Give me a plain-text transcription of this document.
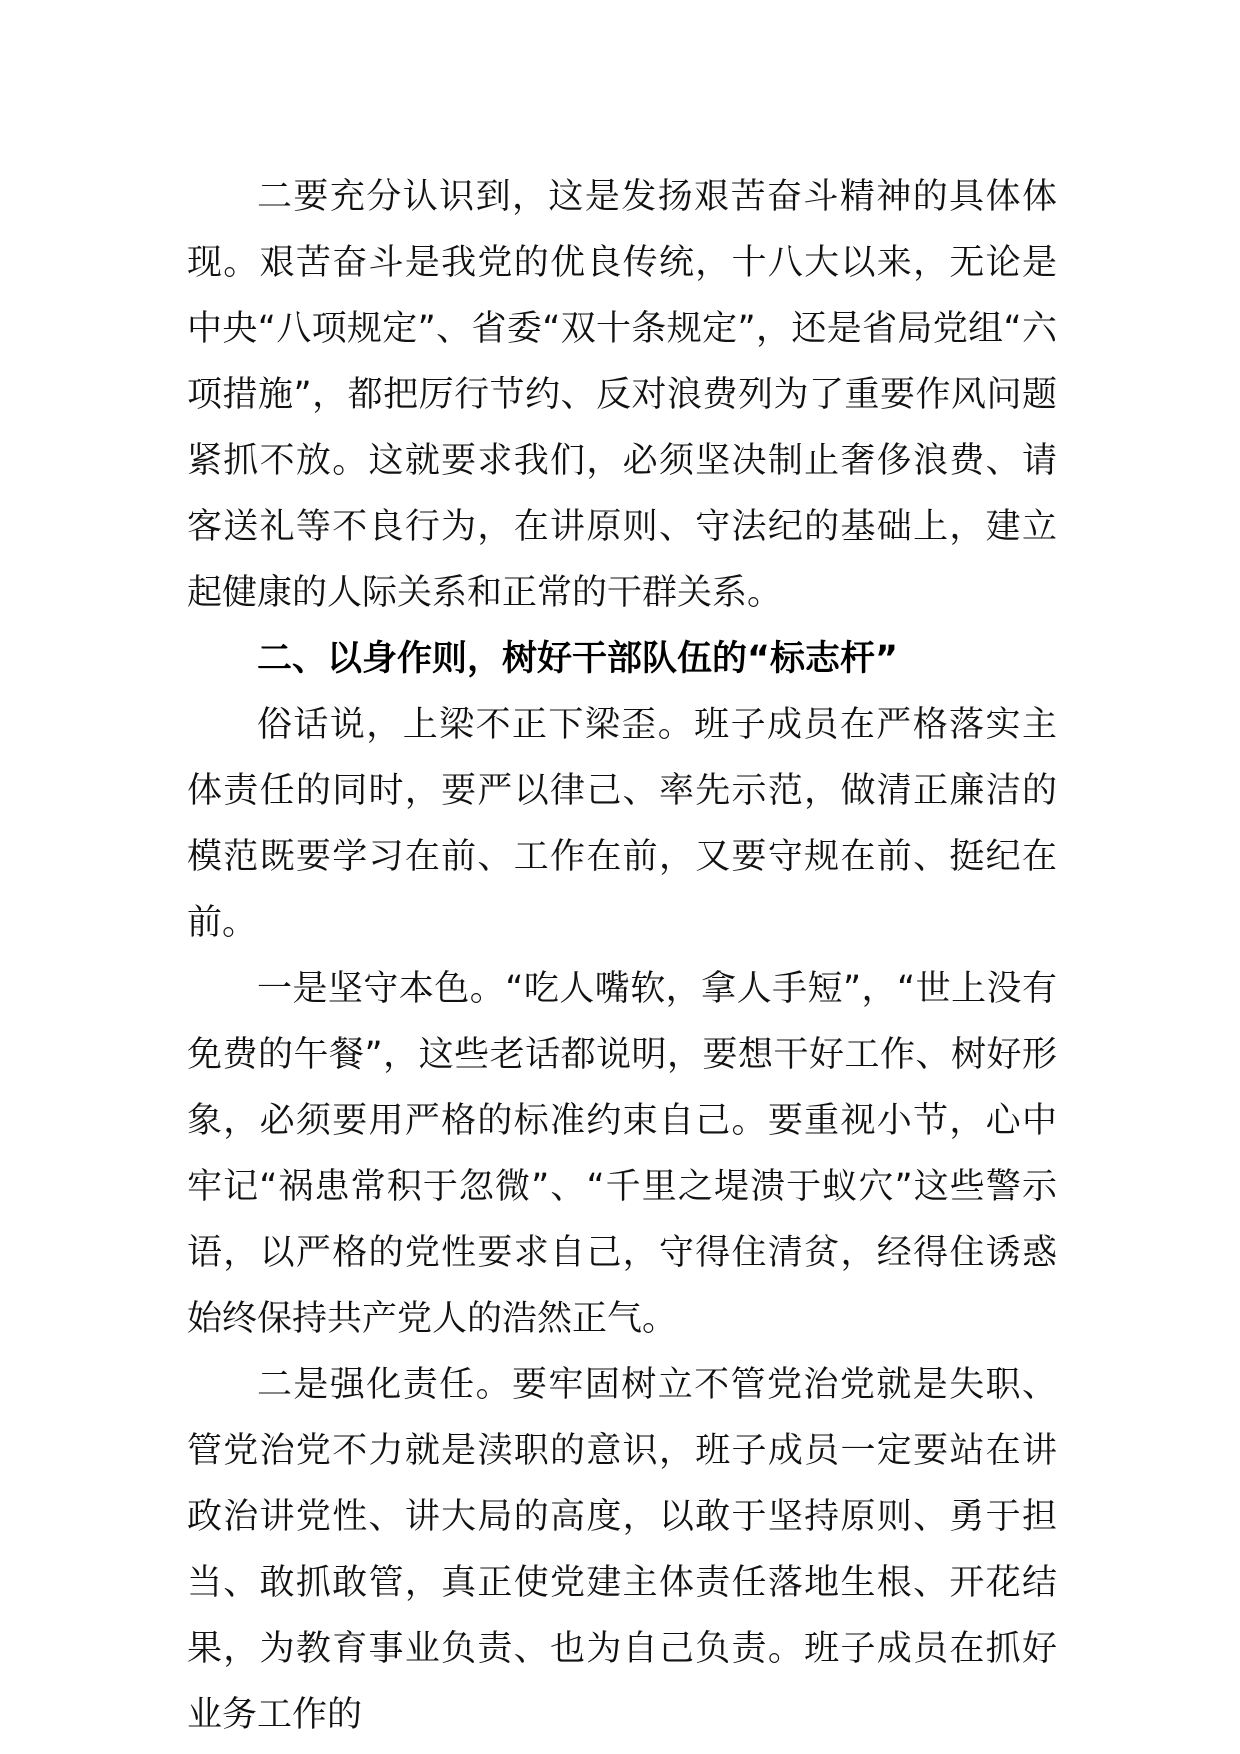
二要充分认识到，这是发扬艰苦奋斗精神的具体体现。艰苦奋斗是我党的优良传统，十八大以来，无论是中央“八项规定”、省委“双十条规定”，还是省局党组“六项措施”，都把厉行节约、反对浪费列为了重要作风问题紧抓不放。这就要求我们，必须坚决制止奢侈浪费、请客送礼等不良行为，在讲原则、守法纪的基础上，建立起健康的人际关系和正常的干群关系。

二、以身作则，树好干部队伍的“标志杆”

俗话说，上梁不正下梁歪。班子成员在严格落实主体责任的同时，要严以律己、率先示范，做清正廉洁的模范既要学习在前、工作在前，又要守规在前、挺纪在前。

一是坚守本色。“吃人嘴软，拿人手短”，“世上没有免费的午餐”，这些老话都说明，要想干好工作、树好形象，必须要用严格的标准约束自己。要重视小节，心中牢记“祸患常积于忽微”、“千里之堤溃于蚁穴”这些警示语，以严格的党性要求自己，守得住清贫，经得住诱惑始终保持共产党人的浩然正气。

二是强化责任。要牢固树立不管党治党就是失职、管党治党不力就是渎职的意识，班子成员一定要站在讲政治讲党性、讲大局的高度，以敢于坚持原则、勇于担当、敢抓敢管，真正使党建主体责任落地生根、开花结果，为教育事业负责、也为自己负责。班子成员在抓好业务工作的
